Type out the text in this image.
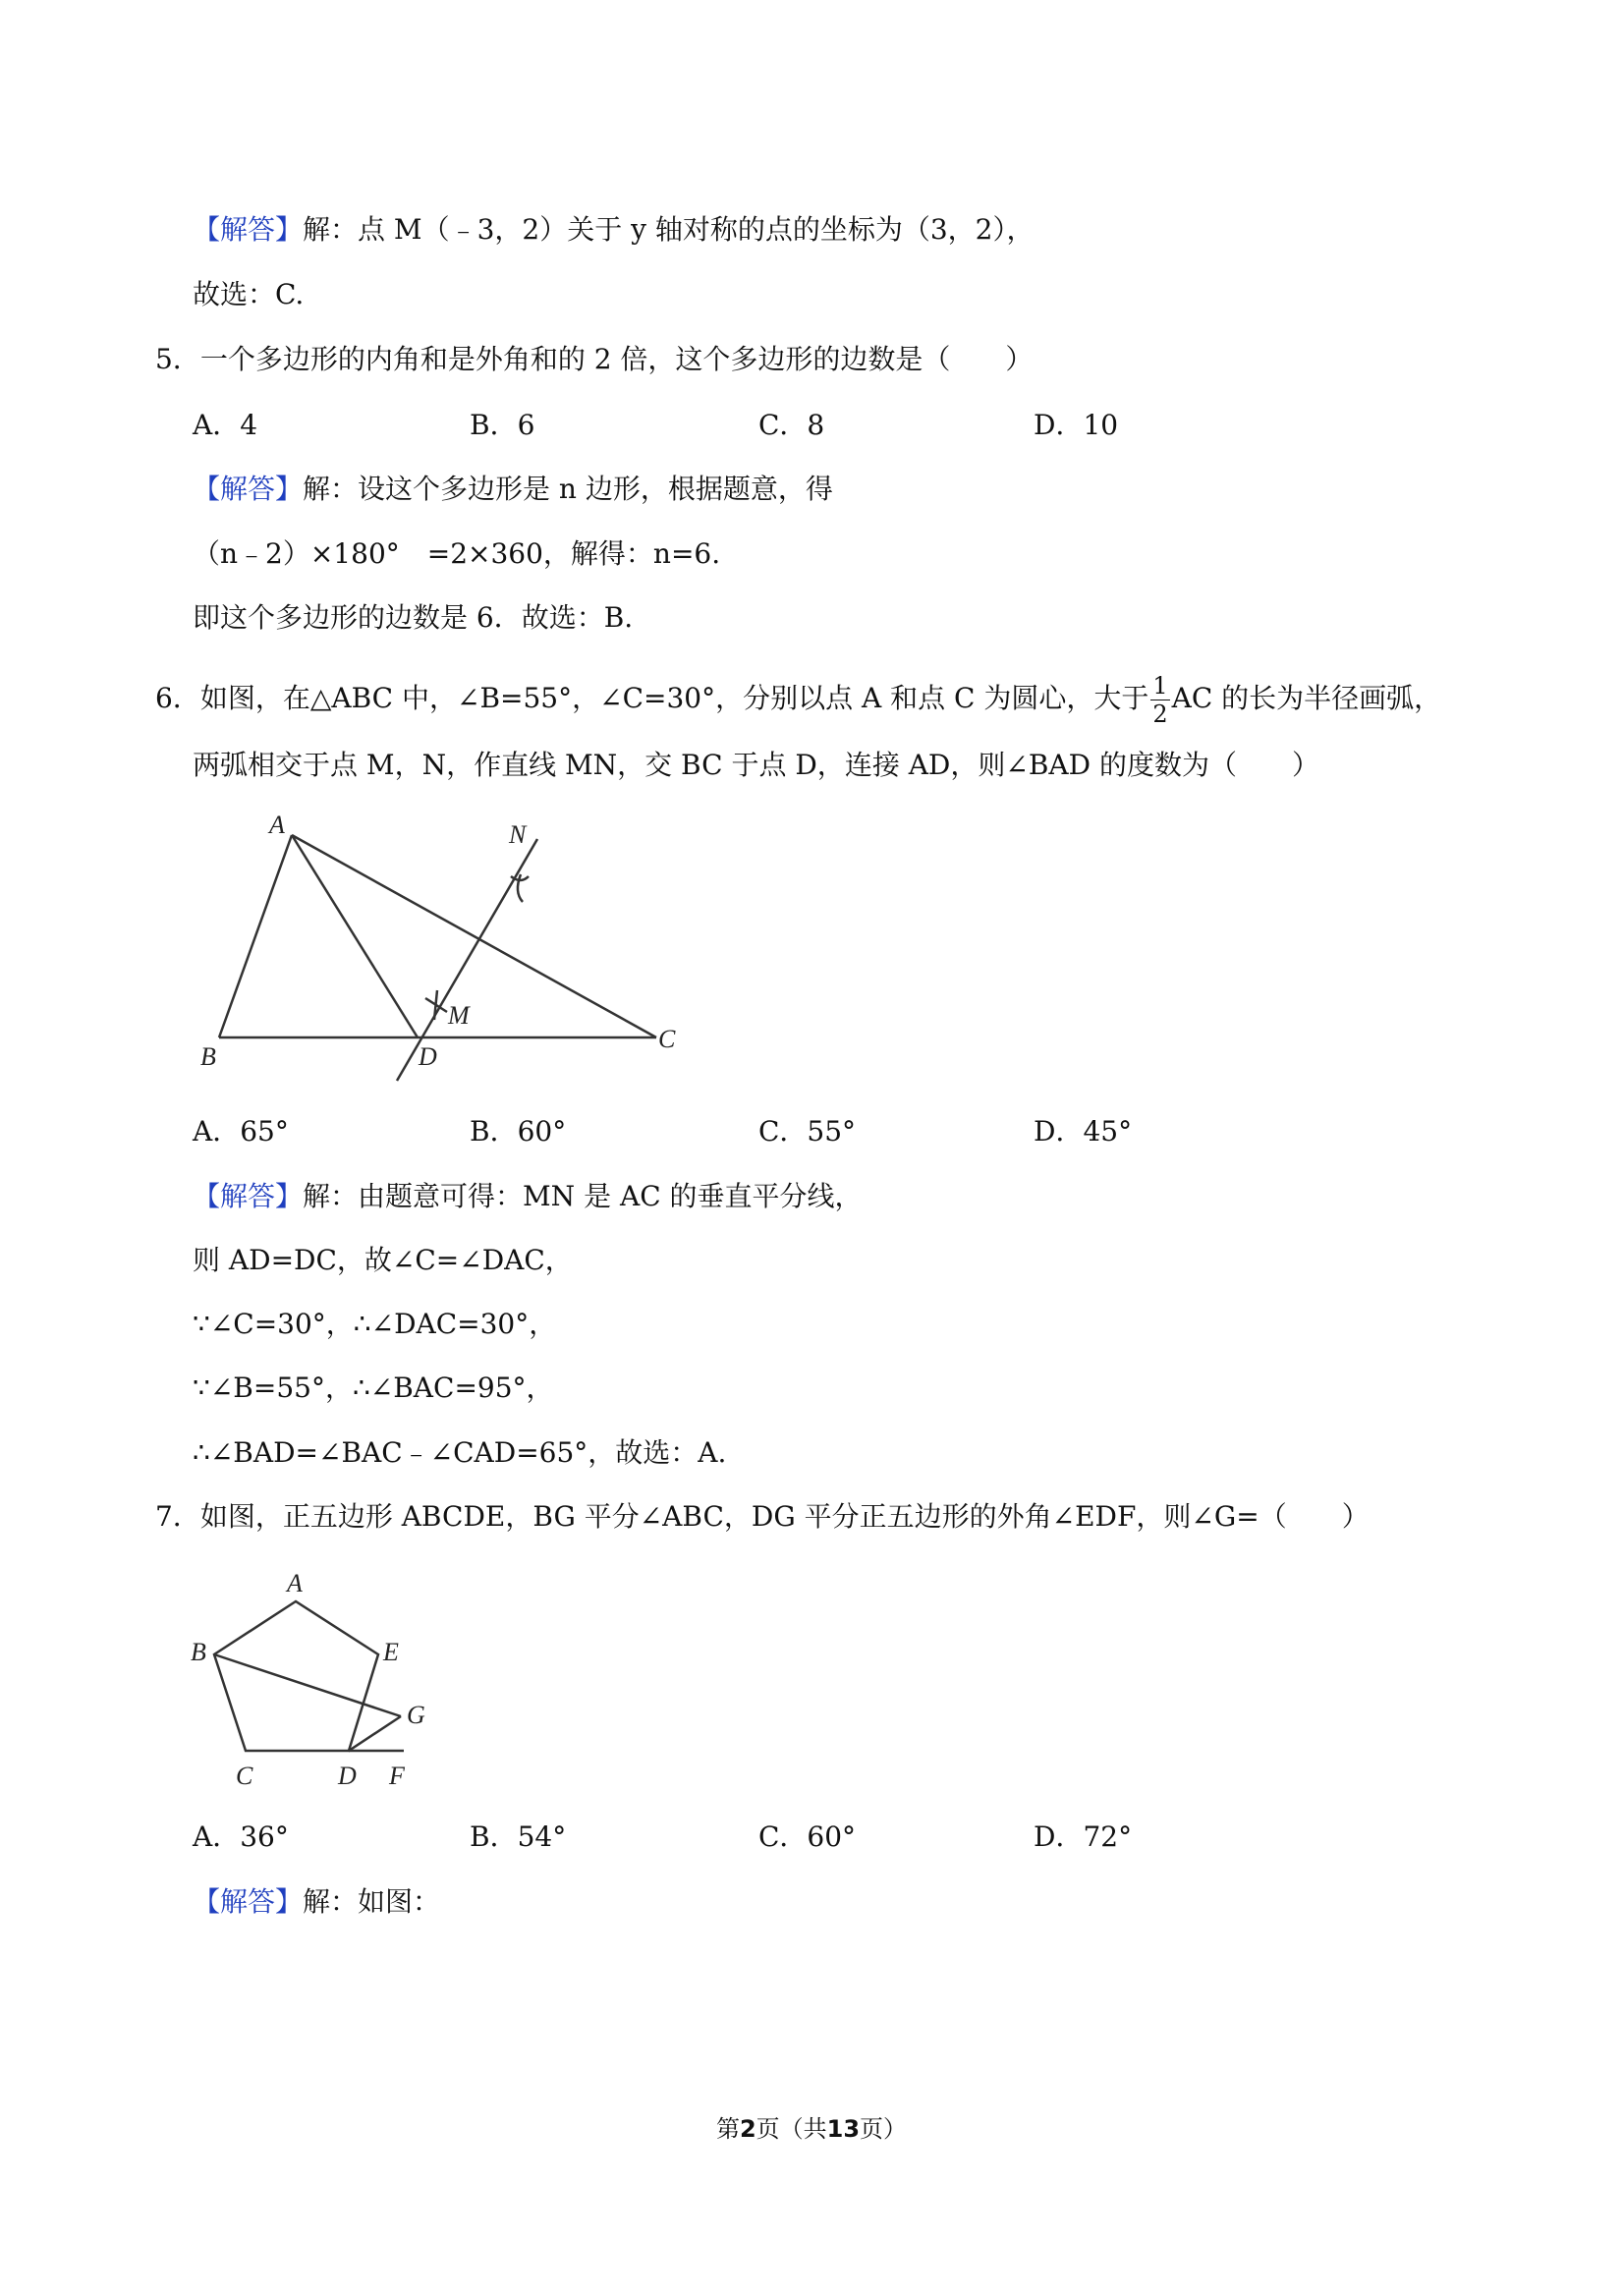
【解答】解：点 M（﹣3，2）关于 y 轴对称的点的坐标为（3，2），
故选：C.
5．一个多边形的内角和是外角和的 2 倍，这个多边形的边数是（　　）
A．4	B．6	C．8	D．10
【解答】解：设这个多边形是 n 边形，根据题意，得
（n﹣2）×180°　=2×360，解得：n=6.
即这个多边形的边数是 6．故选：B.
6．如图，在△ABC 中，∠B=55°，∠C=30°，分别以点 A 和点 C 为圆心，大于 $\frac{1}{2}$ AC 的长为半径画弧，
两弧相交于点 M，N，作直线 MN，交 BC 于点 D，连接 AD，则∠BAD 的度数为（　　）
A
B
C
D
M
N
A．65°	B．60°	C．55°	D．45°
【解答】解：由题意可得：MN 是 AC 的垂直平分线，
则 AD=DC，故∠C=∠DAC，
∵∠C=30°，∴∠DAC=30°，
∵∠B=55°，∴∠BAC=95°，
∴∠BAD=∠BAC﹣∠CAD=65°，故选：A.
7．如图，正五边形 ABCDE，BG 平分∠ABC，DG 平分正五边形的外角∠EDF，则∠G=（　　）
A
B
C	D
E
F
G
A．36°	B．54°	C．60°	D．72°
【解答】解：如图：
第2页（共13页）
